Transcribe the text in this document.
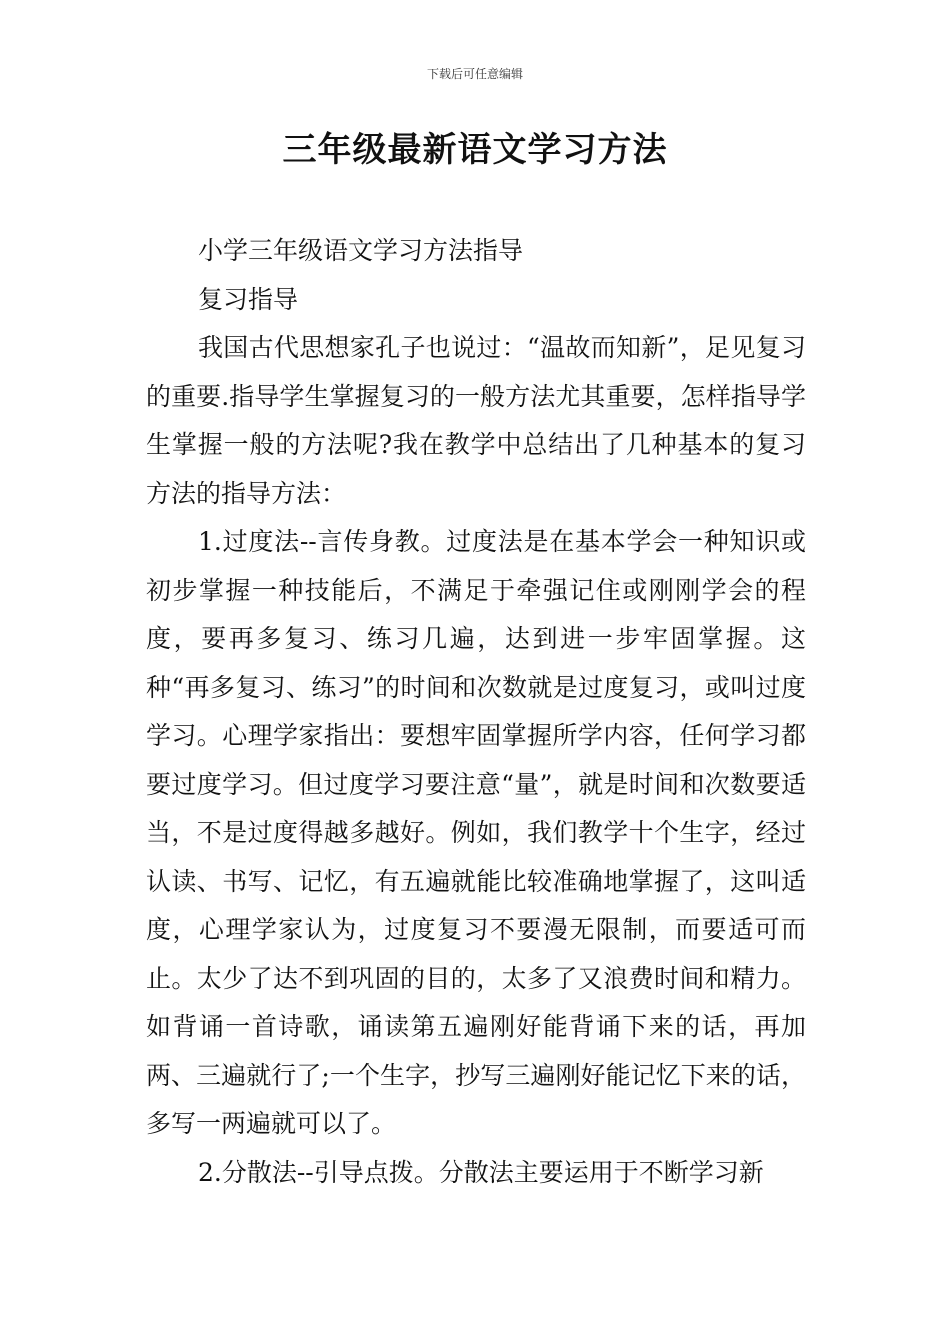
下载后可任意编辑
三年级最新语文学习方法

小学三年级语文学习方法指导

复习指导

我国古代思想家孔子也说过：“温故而知新”，足见复习的重要.指导学生掌握复习的一般方法尤其重要，怎样指导学生掌握一般的方法呢?我在教学中总结出了几种基本的复习方法的指导方法：

1.过度法--言传身教。过度法是在基本学会一种知识或初步掌握一种技能后，不满足于牵强记住或刚刚学会的程度，要再多复习、练习几遍，达到进一步牢固掌握。这种“再多复习、练习”的时间和次数就是过度复习，或叫过度学习。心理学家指出：要想牢固掌握所学内容，任何学习都要过度学习。但过度学习要注意“量”，就是时间和次数要适当，不是过度得越多越好。例如，我们教学十个生字，经过认读、书写、记忆，有五遍就能比较准确地掌握了，这叫适度，心理学家认为，过度复习不要漫无限制，而要适可而止。太少了达不到巩固的目的，太多了又浪费时间和精力。如背诵一首诗歌，诵读第五遍刚好能背诵下来的话，再加两、三遍就行了;一个生字，抄写三遍刚好能记忆下来的话，多写一两遍就可以了。

2.分散法--引导点拨。分散法主要运用于不断学习新
